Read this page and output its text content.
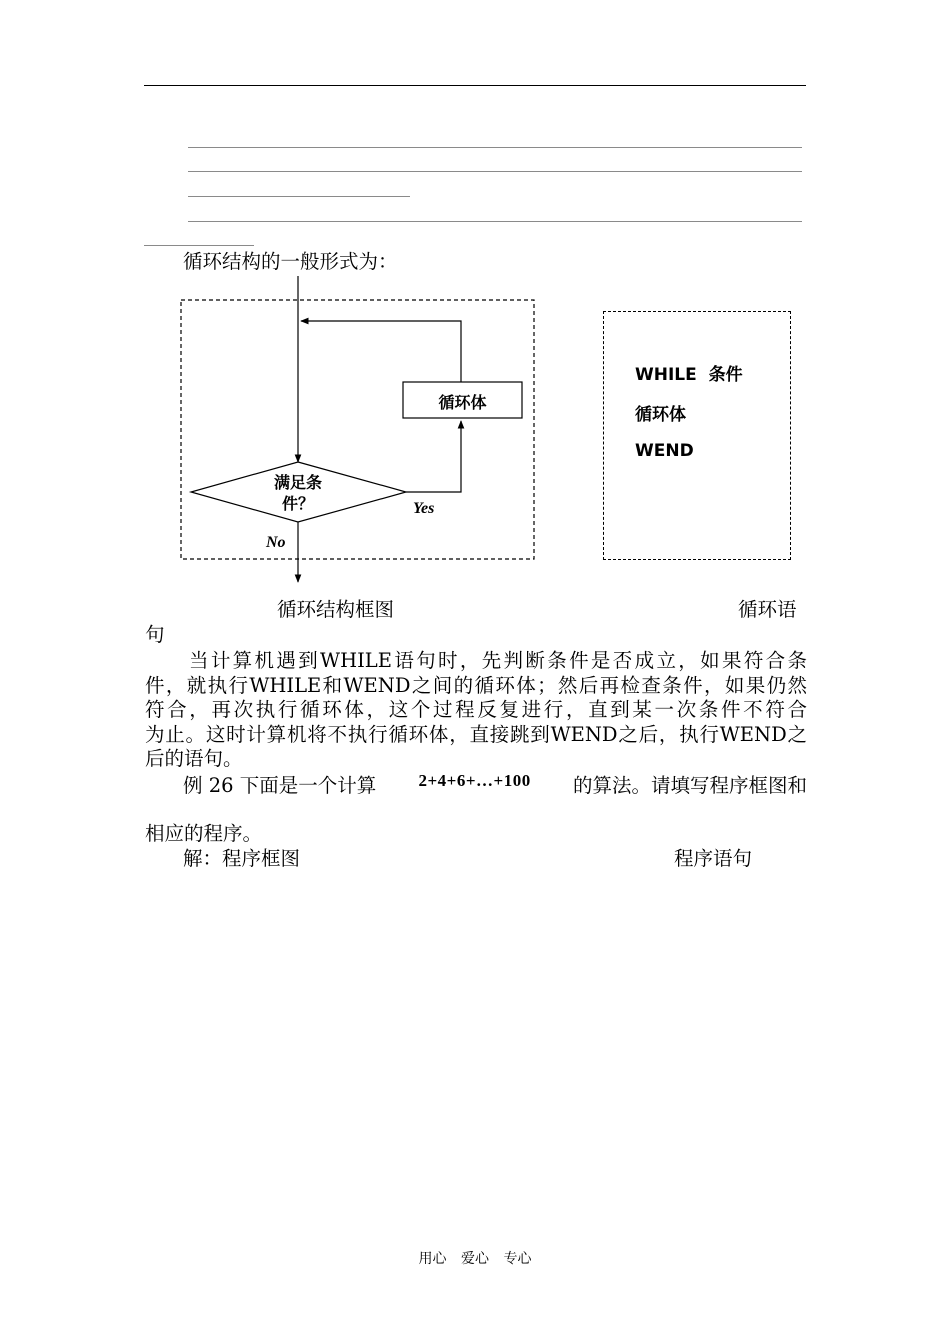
循环结构的一般形式为：
循环体
满足条
件？	Yes
No
WHILE  条件
循环体
WEND
循环结构框图	循环语
句
当计算机遇到WHILE语句时，先判断条件是否成立，如果符合条
件，就执行WHILE和WEND之间的循环体；然后再检查条件，如果仍然
符合，再次执行循环体，这个过程反复进行，直到某一次条件不符合
为止。这时计算机将不执行循环体，直接跳到WEND之后，执行WEND之
后的语句。
例 26 下面是一个计算 2+4+6+…+100 的算法。请填写程序框图和
相应的程序。
解：程序框图	程序语句
用心 爱心 专心
